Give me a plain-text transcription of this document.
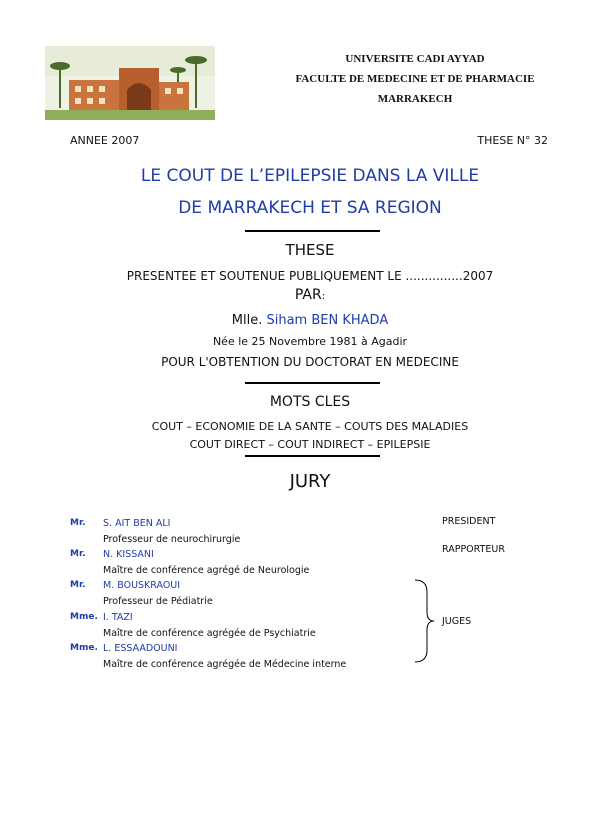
UNIVERSITE CADI AYYAD
FACULTE DE MEDECINE ET DE PHARMACIE
MARRAKECH
ANNEE 2007	THESE N° 32
LE COUT DE L’EPILEPSIE DANS LA VILLE
DE MARRAKECH ET SA REGION
THESE
PRESENTEE ET SOUTENUE PUBLIQUEMENT LE ...............2007
PAR:
Mlle. Siham BEN KHADA
Née le 25 Novembre 1981 à Agadir
POUR L'OBTENTION DU DOCTORAT EN MEDECINE
MOTS CLES
COUT – ECONOMIE DE LA SANTE – COUTS DES MALADIES
COUT DIRECT – COUT INDIRECT – EPILEPSIE
JURY
Mr. S. AIT BEN ALI
Professeur de neurochirurgie
Mr. N. KISSANI
Maître de conférence agrégé de Neurologie
Mr. M. BOUSKRAOUI
Professeur de Pédiatrie
Mme. I. TAZI
Maître de conférence agrégée de Psychiatrie
Mme. L. ESSAADOUNI
Maître de conférence agrégée de Médecine interne
PRESIDENT
RAPPORTEUR
JUGES
